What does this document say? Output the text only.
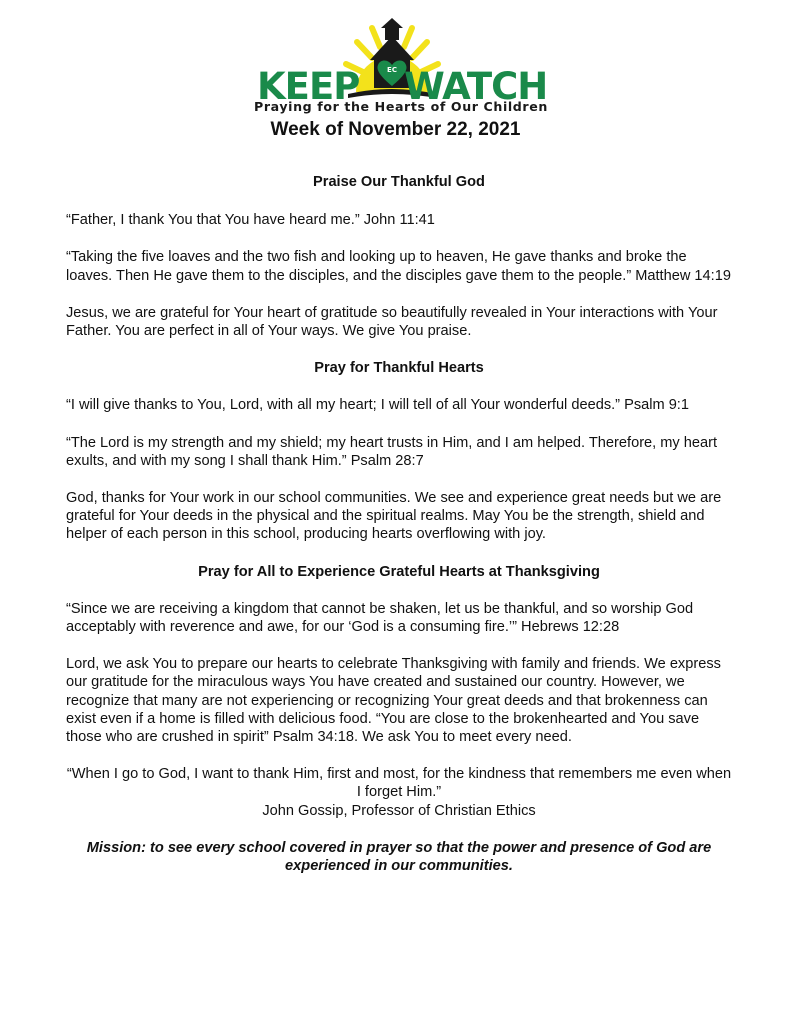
KEEP WATCH
EC
Praying for the Hearts of Our Children
Week of November 22, 2021

Praise Our Thankful God

“Father, I thank You that You have heard me.” John 11:41

“Taking the five loaves and the two fish and looking up to heaven, He gave thanks and broke the loaves. Then He gave them to the disciples, and the disciples gave them to the people.” Matthew 14:19

Jesus, we are grateful for Your heart of gratitude so beautifully revealed in Your interactions with Your Father. You are perfect in all of Your ways. We give You praise.

Pray for Thankful Hearts

“I will give thanks to You, Lord, with all my heart; I will tell of all Your wonderful deeds.” Psalm 9:1

“The Lord is my strength and my shield; my heart trusts in Him, and I am helped. Therefore, my heart exults, and with my song I shall thank Him.” Psalm 28:7

God, thanks for Your work in our school communities. We see and experience great needs but we are grateful for Your deeds in the physical and the spiritual realms. May You be the strength, shield and helper of each person in this school, producing hearts overflowing with joy.

Pray for All to Experience Grateful Hearts at Thanksgiving

“Since we are receiving a kingdom that cannot be shaken, let us be thankful, and so worship God acceptably with reverence and awe, for our ‘God is a consuming fire.’” Hebrews 12:28

Lord, we ask You to prepare our hearts to celebrate Thanksgiving with family and friends. We express our gratitude for the miraculous ways You have created and sustained our country. However, we recognize that many are not experiencing or recognizing Your great deeds and that brokenness can exist even if a home is filled with delicious food. “You are close to the brokenhearted and You save those who are crushed in spirit” Psalm 34:18. We ask You to meet every need.

“When I go to God, I want to thank Him, first and most, for the kindness that remembers me even when I forget Him.”

John Gossip, Professor of Christian Ethics

Mission: to see every school covered in prayer so that the power and presence of God are experienced in our communities.
